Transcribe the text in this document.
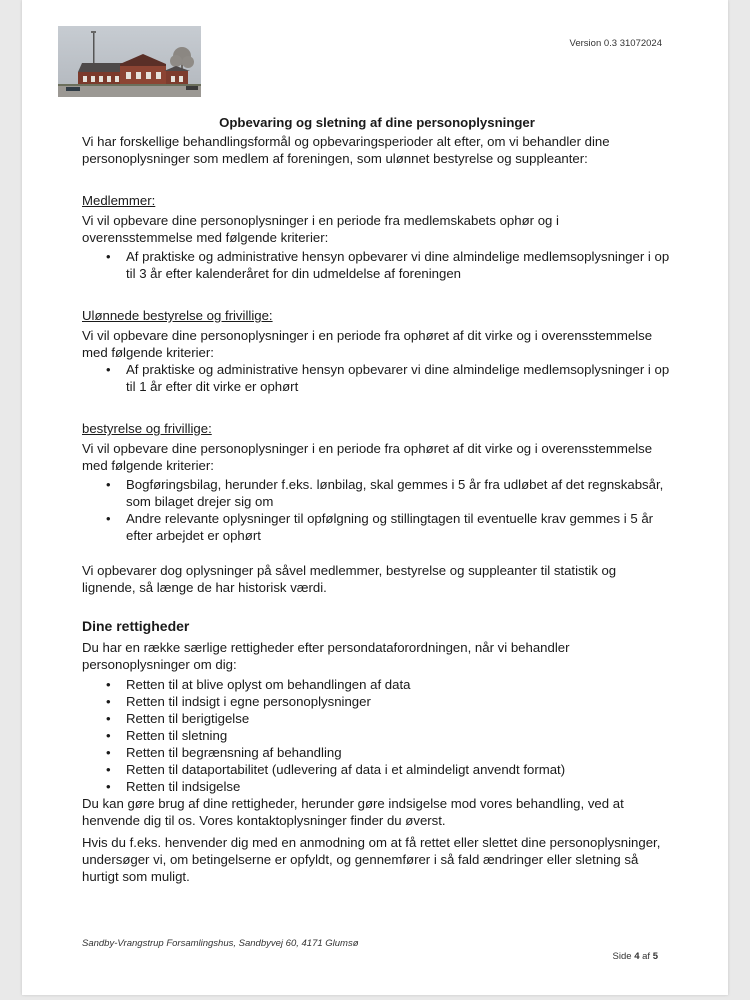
Version 0.3 31072024

Opbevaring og sletning af dine personoplysninger

Vi har forskellige behandlingsformål og opbevaringsperioder alt efter, om vi behandler dine personoplysninger som medlem af foreningen, som ulønnet bestyrelse og suppleanter:

Medlemmer:

Vi vil opbevare dine personoplysninger i en periode fra medlemskabets ophør og i overensstemmelse med følgende kriterier:

• Af praktiske og administrative hensyn opbevarer vi dine almindelige medlemsoplysninger i op til 3 år efter kalenderåret for din udmeldelse af foreningen

Ulønnede bestyrelse og frivillige:

Vi vil opbevare dine personoplysninger i en periode fra ophøret af dit virke og i overensstemmelse med følgende kriterier:

• Af praktiske og administrative hensyn opbevarer vi dine almindelige medlemsoplysninger i op til 1 år efter dit virke er ophørt

bestyrelse og frivillige:

Vi vil opbevare dine personoplysninger i en periode fra ophøret af dit virke og i overensstemmelse med følgende kriterier:

• Bogføringsbilag, herunder f.eks. lønbilag, skal gemmes i 5 år fra udløbet af det regnskabsår, som bilaget drejer sig om
• Andre relevante oplysninger til opfølgning og stillingtagen til eventuelle krav gemmes i 5 år efter arbejdet er ophørt

Vi opbevarer dog oplysninger på såvel medlemmer, bestyrelse og suppleanter til statistik og lignende, så længe de har historisk værdi.

Dine rettigheder

Du har en række særlige rettigheder efter persondataforordningen, når vi behandler personoplysninger om dig:

• Retten til at blive oplyst om behandlingen af data
• Retten til indsigt i egne personoplysninger
• Retten til berigtigelse
• Retten til sletning
• Retten til begrænsning af behandling
• Retten til dataportabilitet (udlevering af data i et almindeligt anvendt format)
• Retten til indsigelse

Du kan gøre brug af dine rettigheder, herunder gøre indsigelse mod vores behandling, ved at henvende dig til os. Vores kontaktoplysninger finder du øverst.

Hvis du f.eks. henvender dig med en anmodning om at få rettet eller slettet dine personoplysninger, undersøger vi, om betingelserne er opfyldt, og gennemfører i så fald ændringer eller sletning så hurtigt som muligt.

Sandby-Vrangstrup Forsamlingshus, Sandbyvej 60, 4171 Glumsø
Side 4 af 5
